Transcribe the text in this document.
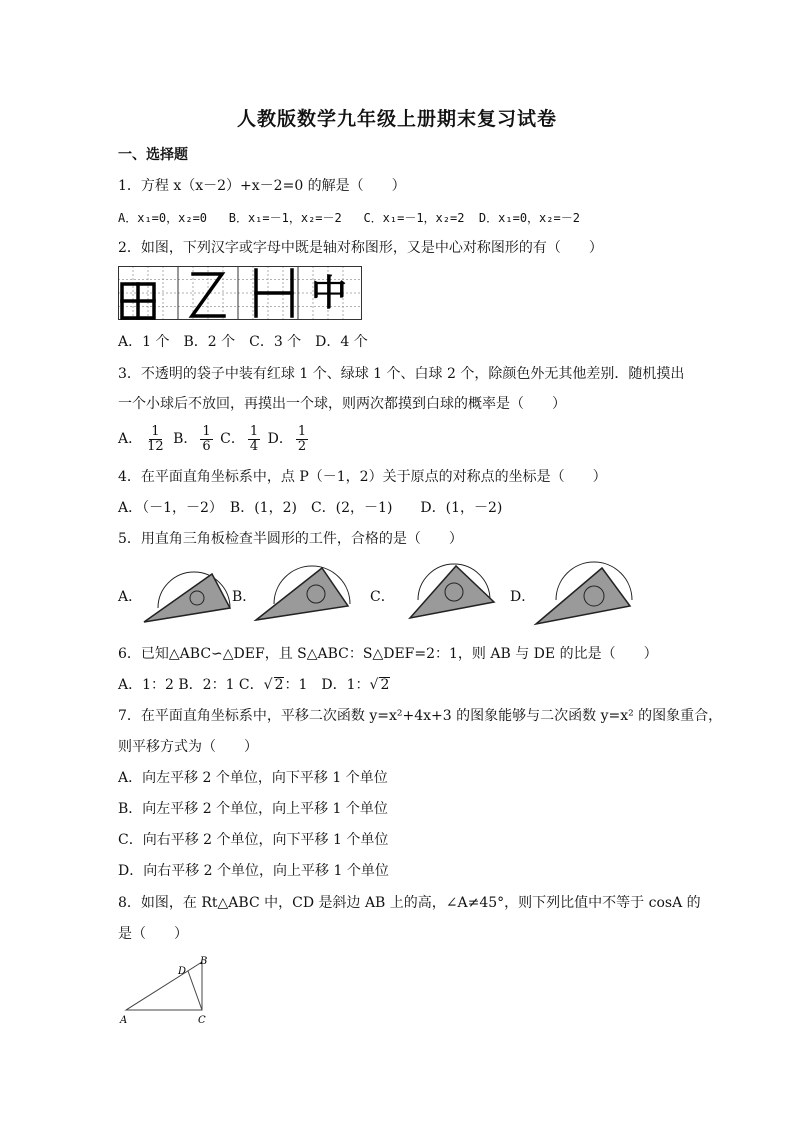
人教版数学九年级上册期末复习试卷
一、选择题
1．方程 x（x－2）+x－2=0 的解是（　　）
A．x₁=0，x₂=0 B．x₁=－1，x₂=－2 C．x₁=－1，x₂=2 D．x₁=0，x₂=－2
2．如图，下列汉字或字母中既是轴对称图形，又是中心对称图形的有（　　）
中
A．1 个　B．2 个　C．3 个　D．4 个
3．不透明的袋子中装有红球 1 个、绿球 1 个、白球 2 个，除颜色外无其他差别．随机摸出
一个小球后不放回，再摸出一个球，则两次都摸到白球的概率是（　　）
A． $\frac{1}{12}$ B． $\frac{1}{6}$ C． $\frac{1}{4}$ D． $\frac{1}{2}$
4．在平面直角坐标系中，点 P（－1，2）关于原点的对称点的坐标是（　　）
A．（－1，－2）　B．(1，2)　C．(2，－1)　　D．(1，－2)
5．用直角三角板检查半圆形的工件，合格的是（　　）
A．	B．	C．	D．
6．已知△ABC∽△DEF，且 S△ABC：S△DEF=2：1，则 AB 与 DE 的比是（　　）
A．1：2 B．2：1 C．√ 2：1　D．1：√ 2
7．在平面直角坐标系中，平移二次函数 y=x²+4x+3 的图象能够与二次函数 y=x² 的图象重合，
则平移方式为（　　）
A．向左平移 2 个单位，向下平移 1 个单位
B．向左平移 2 个单位，向上平移 1 个单位
C．向右平移 2 个单位，向下平移 1 个单位
D．向右平移 2 个单位，向上平移 1 个单位
8．如图，在 Rt△ABC 中，CD 是斜边 AB 上的高，∠A≠45°，则下列比值中不等于 cosA 的
是（　　）
A
B
C
D
